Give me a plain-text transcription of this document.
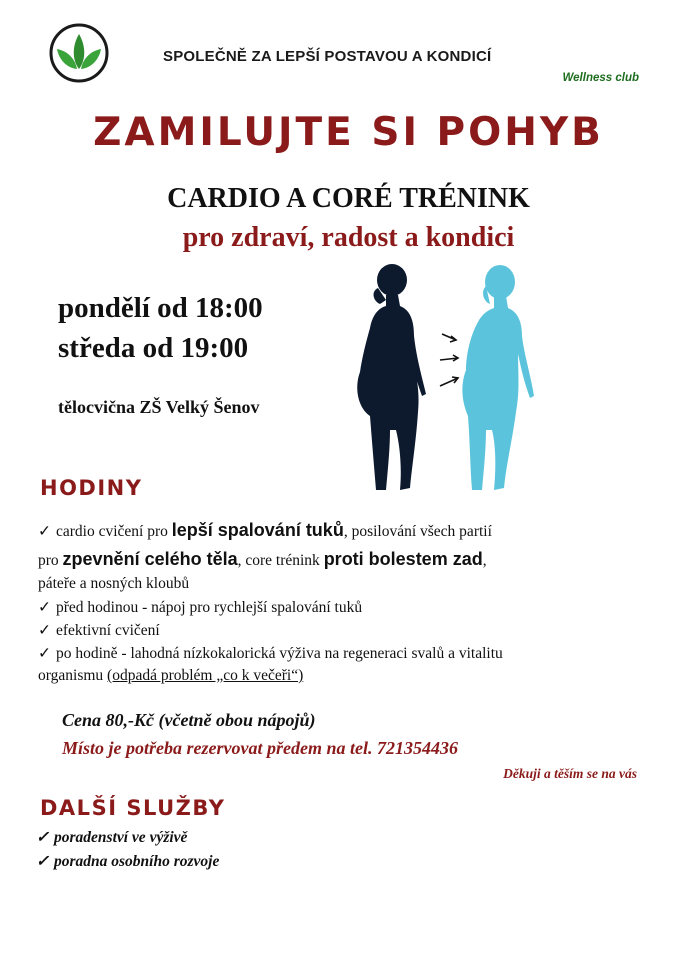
SPOLEČNĚ ZA LEPŠÍ POSTAVOU A KONDICÍ
Wellness club
ZAMILUJTE SI POHYB
CARDIO A CORÉ TRÉNINK
pro zdraví, radost a kondici
pondělí od 18:00
středa od 19:00
tělocvična ZŠ Velký Šenov
HODINY
✓ cardio cvičení pro lepší spalování tuků, posilování všech partií
pro zpevnění celého těla, core trénink proti bolestem zad,
páteře a nosných kloubů
✓ před hodinou - nápoj pro rychlejší spalování tuků
✓ efektivní cvičení
✓ po hodině - lahodná nízkokalorická výživa na regeneraci svalů a vitalitu
organismu (odpadá problém „co k večeři“)
Cena 80,-Kč (včetně obou nápojů)
Místo je potřeba rezervovat předem na tel. 721354436
Děkuji a těším se na vás
DALŠÍ SLUŽBY
✓ poradenství ve výživě
✓ poradna osobního rozvoje
